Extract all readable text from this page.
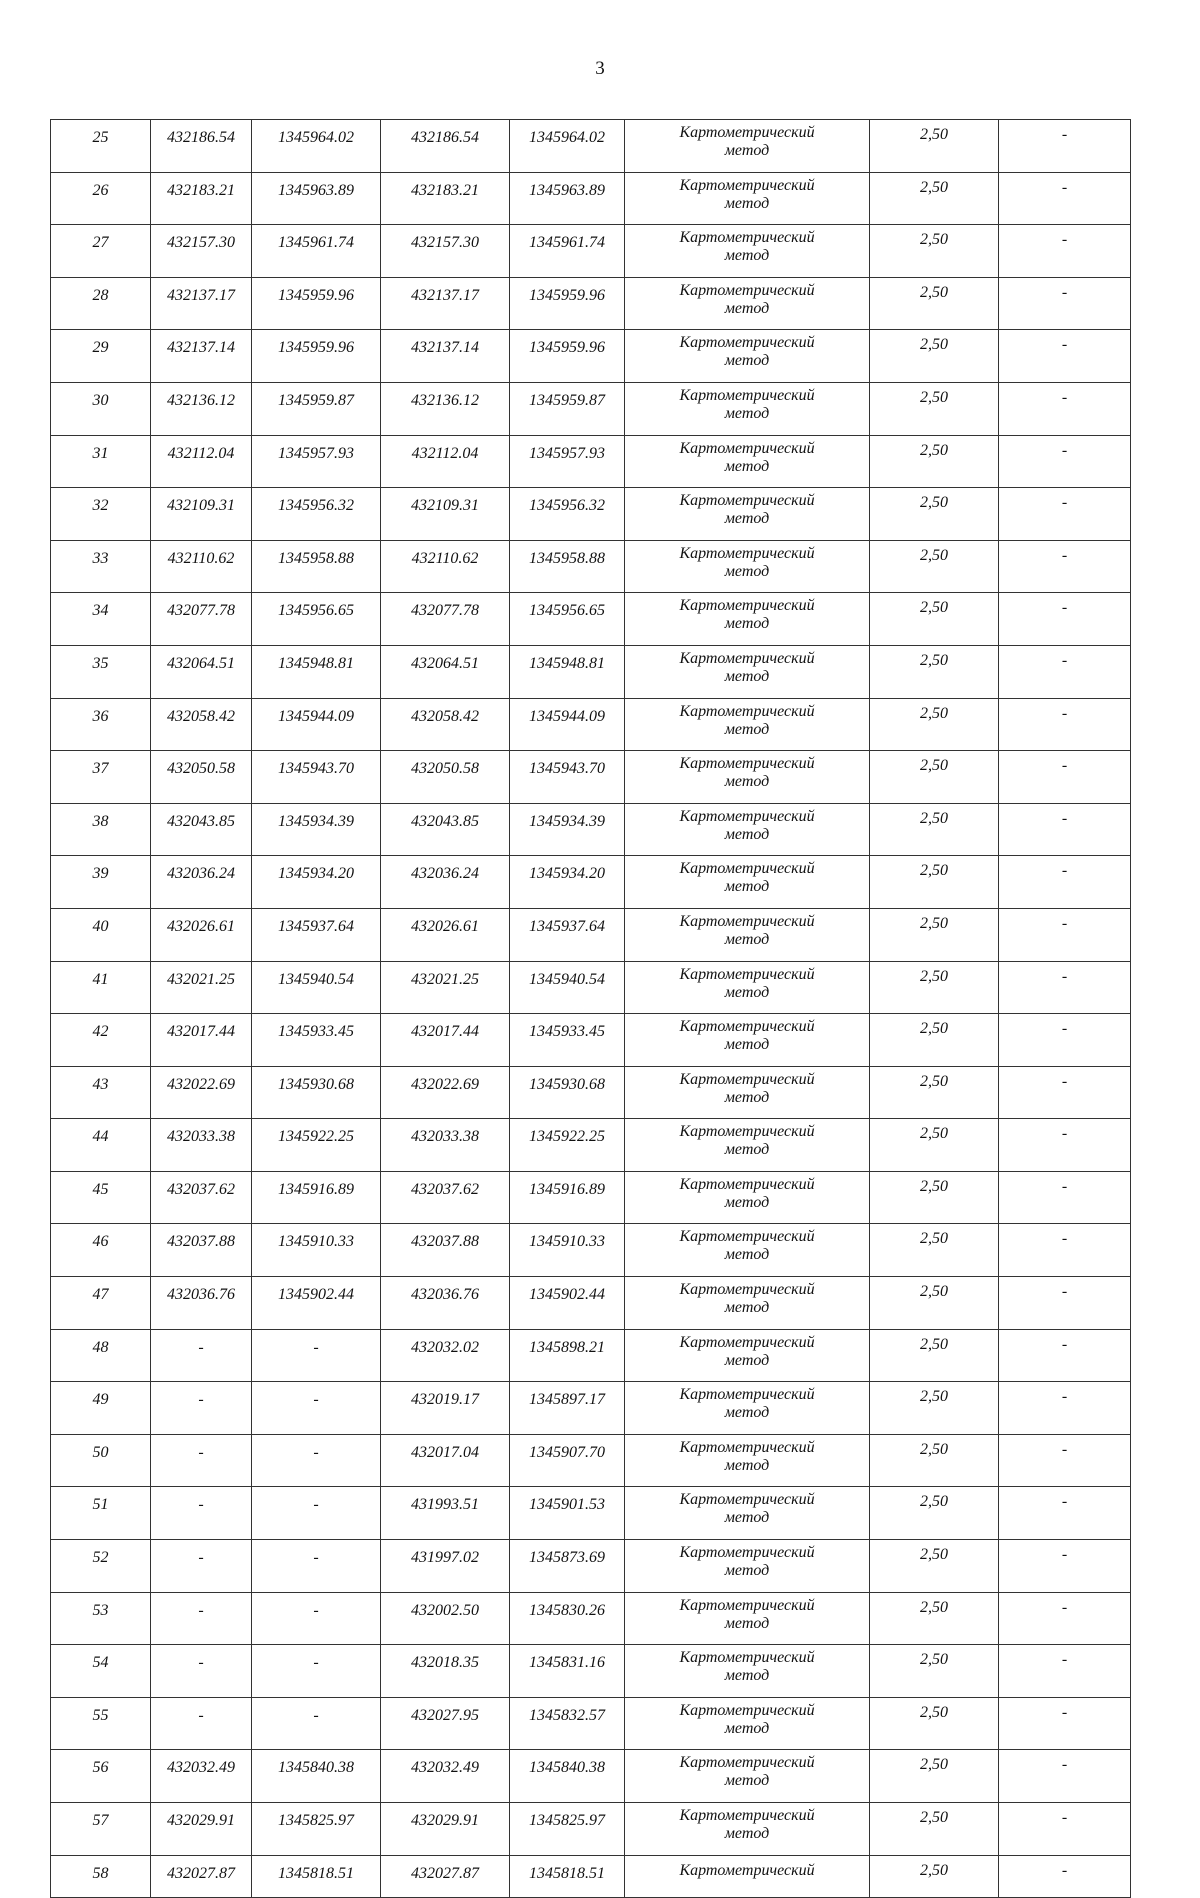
3
25	432186.54	1345964.02	432186.54	1345964.02	Картометрический
метод	2,50	-
26	432183.21	1345963.89	432183.21	1345963.89	Картометрический
метод	2,50	-
27	432157.30	1345961.74	432157.30	1345961.74	Картометрический
метод	2,50	-
28	432137.17	1345959.96	432137.17	1345959.96	Картометрический
метод	2,50	-
29	432137.14	1345959.96	432137.14	1345959.96	Картометрический
метод	2,50	-
30	432136.12	1345959.87	432136.12	1345959.87	Картометрический
метод	2,50	-
31	432112.04	1345957.93	432112.04	1345957.93	Картометрический
метод	2,50	-
32	432109.31	1345956.32	432109.31	1345956.32	Картометрический
метод	2,50	-
33	432110.62	1345958.88	432110.62	1345958.88	Картометрический
метод	2,50	-
34	432077.78	1345956.65	432077.78	1345956.65	Картометрический
метод	2,50	-
35	432064.51	1345948.81	432064.51	1345948.81	Картометрический
метод	2,50	-
36	432058.42	1345944.09	432058.42	1345944.09	Картометрический
метод	2,50	-
37	432050.58	1345943.70	432050.58	1345943.70	Картометрический
метод	2,50	-
38	432043.85	1345934.39	432043.85	1345934.39	Картометрический
метод	2,50	-
39	432036.24	1345934.20	432036.24	1345934.20	Картометрический
метод	2,50	-
40	432026.61	1345937.64	432026.61	1345937.64	Картометрический
метод	2,50	-
41	432021.25	1345940.54	432021.25	1345940.54	Картометрический
метод	2,50	-
42	432017.44	1345933.45	432017.44	1345933.45	Картометрический
метод	2,50	-
43	432022.69	1345930.68	432022.69	1345930.68	Картометрический
метод	2,50	-
44	432033.38	1345922.25	432033.38	1345922.25	Картометрический
метод	2,50	-
45	432037.62	1345916.89	432037.62	1345916.89	Картометрический
метод	2,50	-
46	432037.88	1345910.33	432037.88	1345910.33	Картометрический
метод	2,50	-
47	432036.76	1345902.44	432036.76	1345902.44	Картометрический
метод	2,50	-
48	-	-	432032.02	1345898.21	Картометрический
метод	2,50	-
49	-	-	432019.17	1345897.17	Картометрический
метод	2,50	-
50	-	-	432017.04	1345907.70	Картометрический
метод	2,50	-
51	-	-	431993.51	1345901.53	Картометрический
метод	2,50	-
52	-	-	431997.02	1345873.69	Картометрический
метод	2,50	-
53	-	-	432002.50	1345830.26	Картометрический
метод	2,50	-
54	-	-	432018.35	1345831.16	Картометрический
метод	2,50	-
55	-	-	432027.95	1345832.57	Картометрический
метод	2,50	-
56	432032.49	1345840.38	432032.49	1345840.38	Картометрический
метод	2,50	-
57	432029.91	1345825.97	432029.91	1345825.97	Картометрический
метод	2,50	-
58	432027.87	1345818.51	432027.87	1345818.51	Картометрический	2,50	-
